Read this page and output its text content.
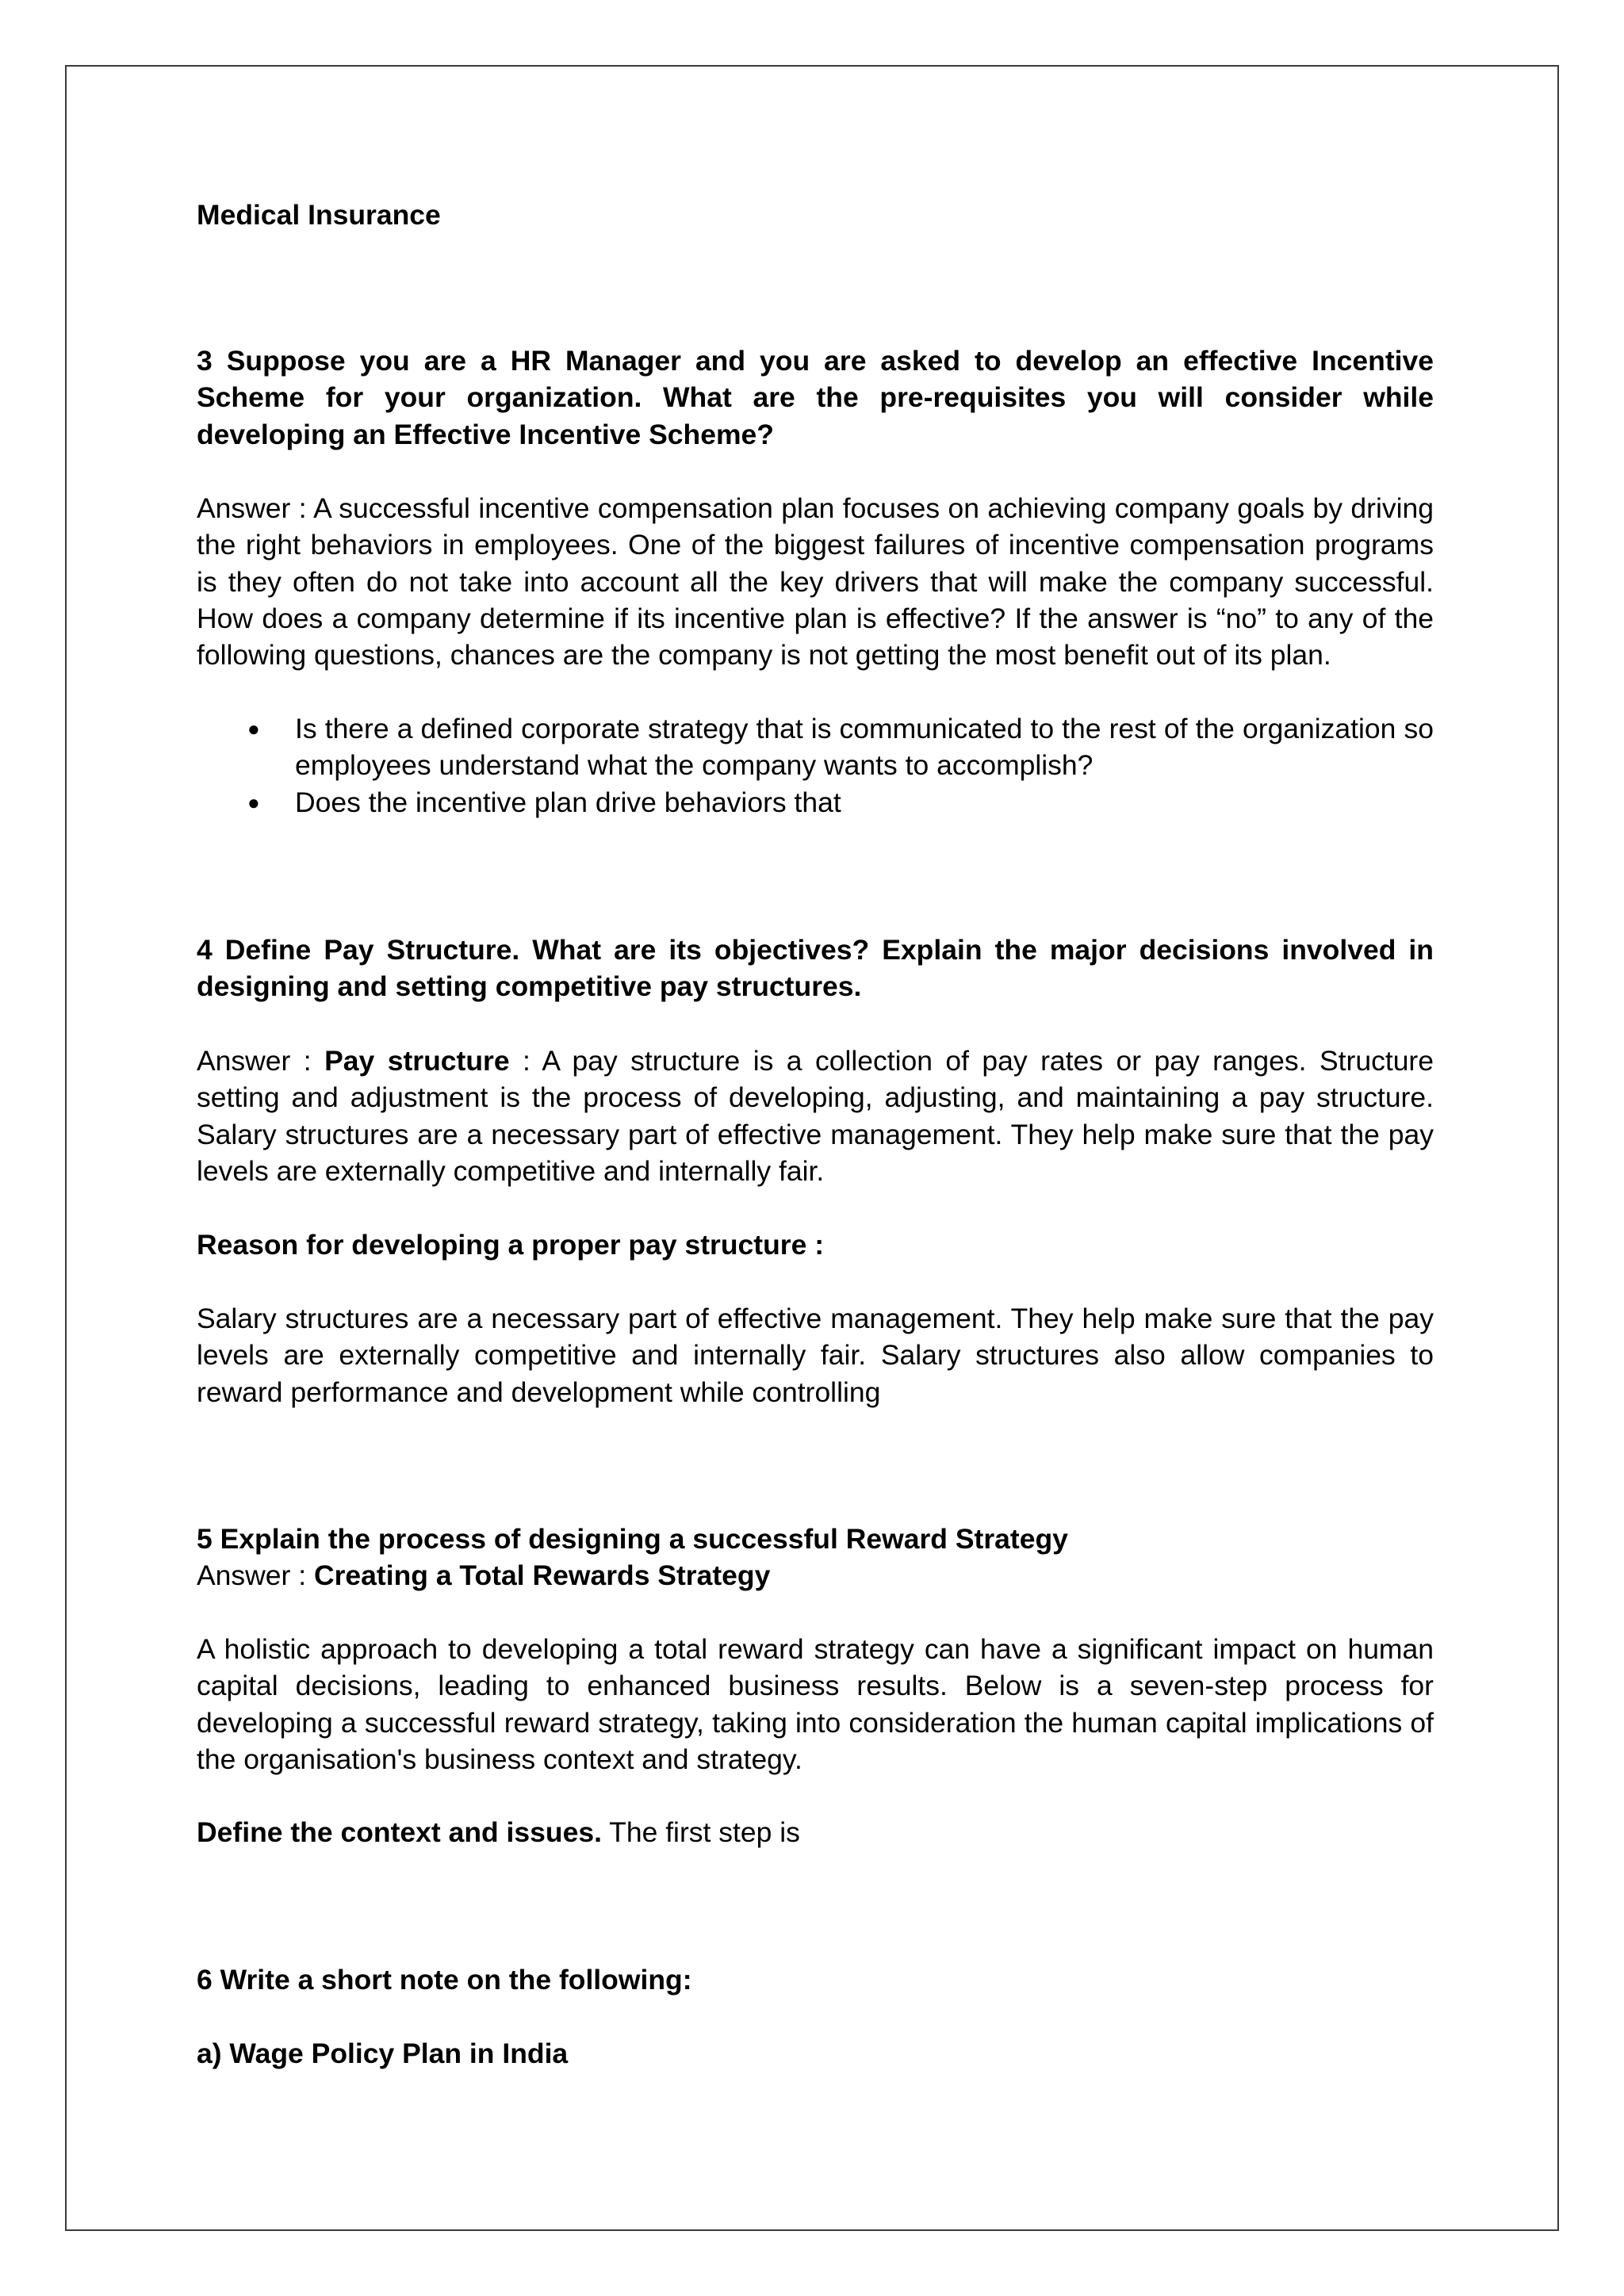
Medical Insurance

3 Suppose you are a HR Manager and you are asked to develop an effective Incentive Scheme for your organization. What are the pre-requisites you will consider while developing an Effective Incentive Scheme?

Answer : A successful incentive compensation plan focuses on achieving company goals by driving the right behaviors in employees. One of the biggest failures of incentive compensation programs is they often do not take into account all the key drivers that will make the company successful. How does a company determine if its incentive plan is effective? If the answer is “no” to any of the following questions, chances are the company is not getting the most benefit out of its plan.

● Is there a defined corporate strategy that is communicated to the rest of the organization so employees understand what the company wants to accomplish?
● Does the incentive plan drive behaviors that

4 Define Pay Structure. What are its objectives? Explain the major decisions involved in designing and setting competitive pay structures.

Answer : Pay structure : A pay structure is a collection of pay rates or pay ranges. Structure setting and adjustment is the process of developing, adjusting, and maintaining a pay structure. Salary structures are a necessary part of effective management. They help make sure that the pay levels are externally competitive and internally fair.

Reason for developing a proper pay structure :

Salary structures are a necessary part of effective management. They help make sure that the pay levels are externally competitive and internally fair. Salary structures also allow companies to reward performance and development while controlling

5 Explain the process of designing a successful Reward Strategy

Answer : Creating a Total Rewards Strategy

A holistic approach to developing a total reward strategy can have a significant impact on human capital decisions, leading to enhanced business results. Below is a seven-step process for developing a successful reward strategy, taking into consideration the human capital implications of the organisation's business context and strategy.

Define the context and issues. The first step is

6 Write a short note on the following:

a) Wage Policy Plan in India
